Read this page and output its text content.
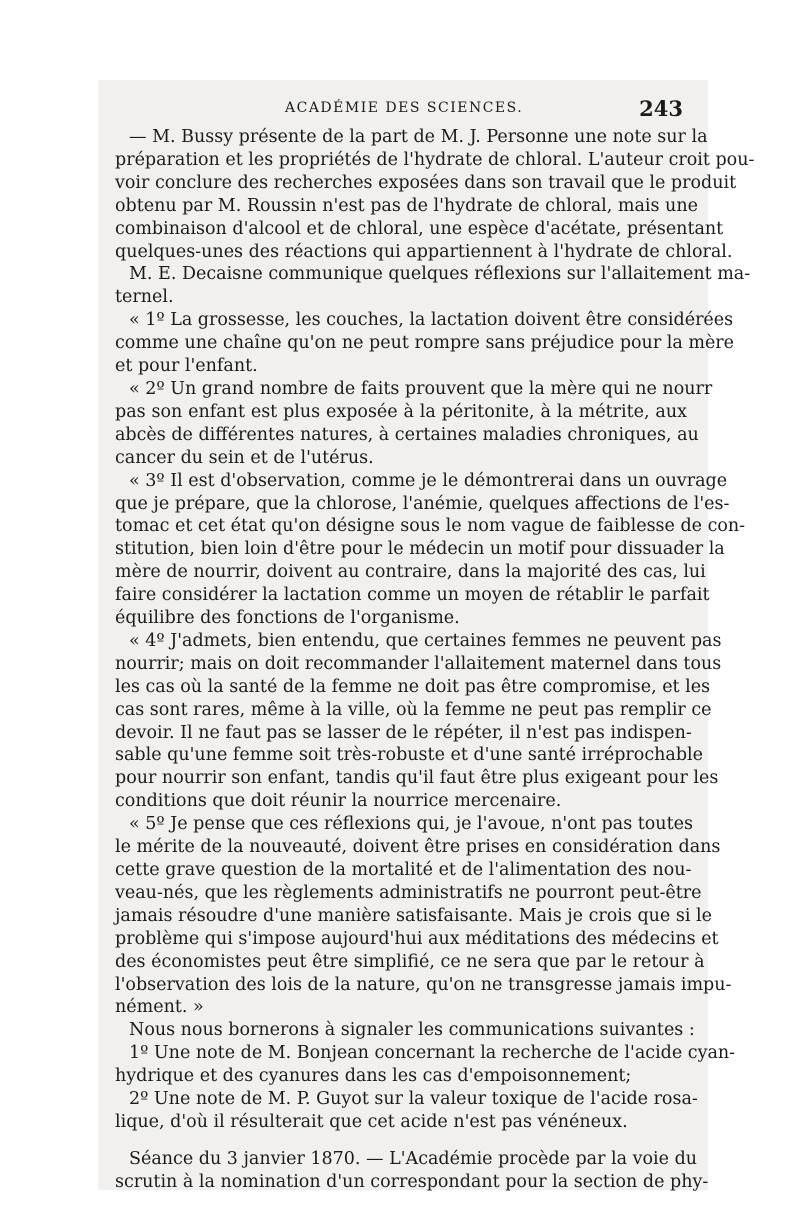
ACADÉMIE DES SCIENCES.	243

— M. Bussy présente de la part de M. J. Personne une note sur la
préparation et les propriétés de l'hydrate de chloral. L'auteur croit pou-
voir conclure des recherches exposées dans son travail que le produit
obtenu par M. Roussin n'est pas de l'hydrate de chloral, mais une
combinaison d'alcool et de chloral, une espèce d'acétate, présentant
quelques-unes des réactions qui appartiennent à l'hydrate de chloral.

M. E. Decaisne communique quelques réflexions sur l'allaitement ma-
ternel.

« 1º La grossesse, les couches, la lactation doivent être considérées
comme une chaîne qu'on ne peut rompre sans préjudice pour la mère
et pour l'enfant.

« 2º Un grand nombre de faits prouvent que la mère qui ne nourr
pas son enfant est plus exposée à la péritonite, à la métrite, aux
abcès de différentes natures, à certaines maladies chroniques, au
cancer du sein et de l'utérus.

« 3º Il est d'observation, comme je le démontrerai dans un ouvrage
que je prépare, que la chlorose, l'anémie, quelques affections de l'es-
tomac et cet état qu'on désigne sous le nom vague de faiblesse de con-
stitution, bien loin d'être pour le médecin un motif pour dissuader la
mère de nourrir, doivent au contraire, dans la majorité des cas, lui
faire considérer la lactation comme un moyen de rétablir le parfait
équilibre des fonctions de l'organisme.

« 4º J'admets, bien entendu, que certaines femmes ne peuvent pas
nourrir; mais on doit recommander l'allaitement maternel dans tous
les cas où la santé de la femme ne doit pas être compromise, et les
cas sont rares, même à la ville, où la femme ne peut pas remplir ce
devoir. Il ne faut pas se lasser de le répéter, il n'est pas indispen-
sable qu'une femme soit très-robuste et d'une santé irréprochable
pour nourrir son enfant, tandis qu'il faut être plus exigeant pour les
conditions que doit réunir la nourrice mercenaire.

« 5º Je pense que ces réflexions qui, je l'avoue, n'ont pas toutes
le mérite de la nouveauté, doivent être prises en considération dans
cette grave question de la mortalité et de l'alimentation des nou-
veau-nés, que les règlements administratifs ne pourront peut-être
jamais résoudre d'une manière satisfaisante. Mais je crois que si le
problème qui s'impose aujourd'hui aux méditations des médecins et
des économistes peut être simplifié, ce ne sera que par le retour à
l'observation des lois de la nature, qu'on ne transgresse jamais impu-
nément. »

Nous nous bornerons à signaler les communications suivantes :

1º Une note de M. Bonjean concernant la recherche de l'acide cyan-
hydrique et des cyanures dans les cas d'empoisonnement;

2º Une note de M. P. Guyot sur la valeur toxique de l'acide rosa-
lique, d'où il résulterait que cet acide n'est pas vénéneux.

Séance du 3 janvier 1870. — L'Académie procède par la voie du
scrutin à la nomination d'un correspondant pour la section de phy-
